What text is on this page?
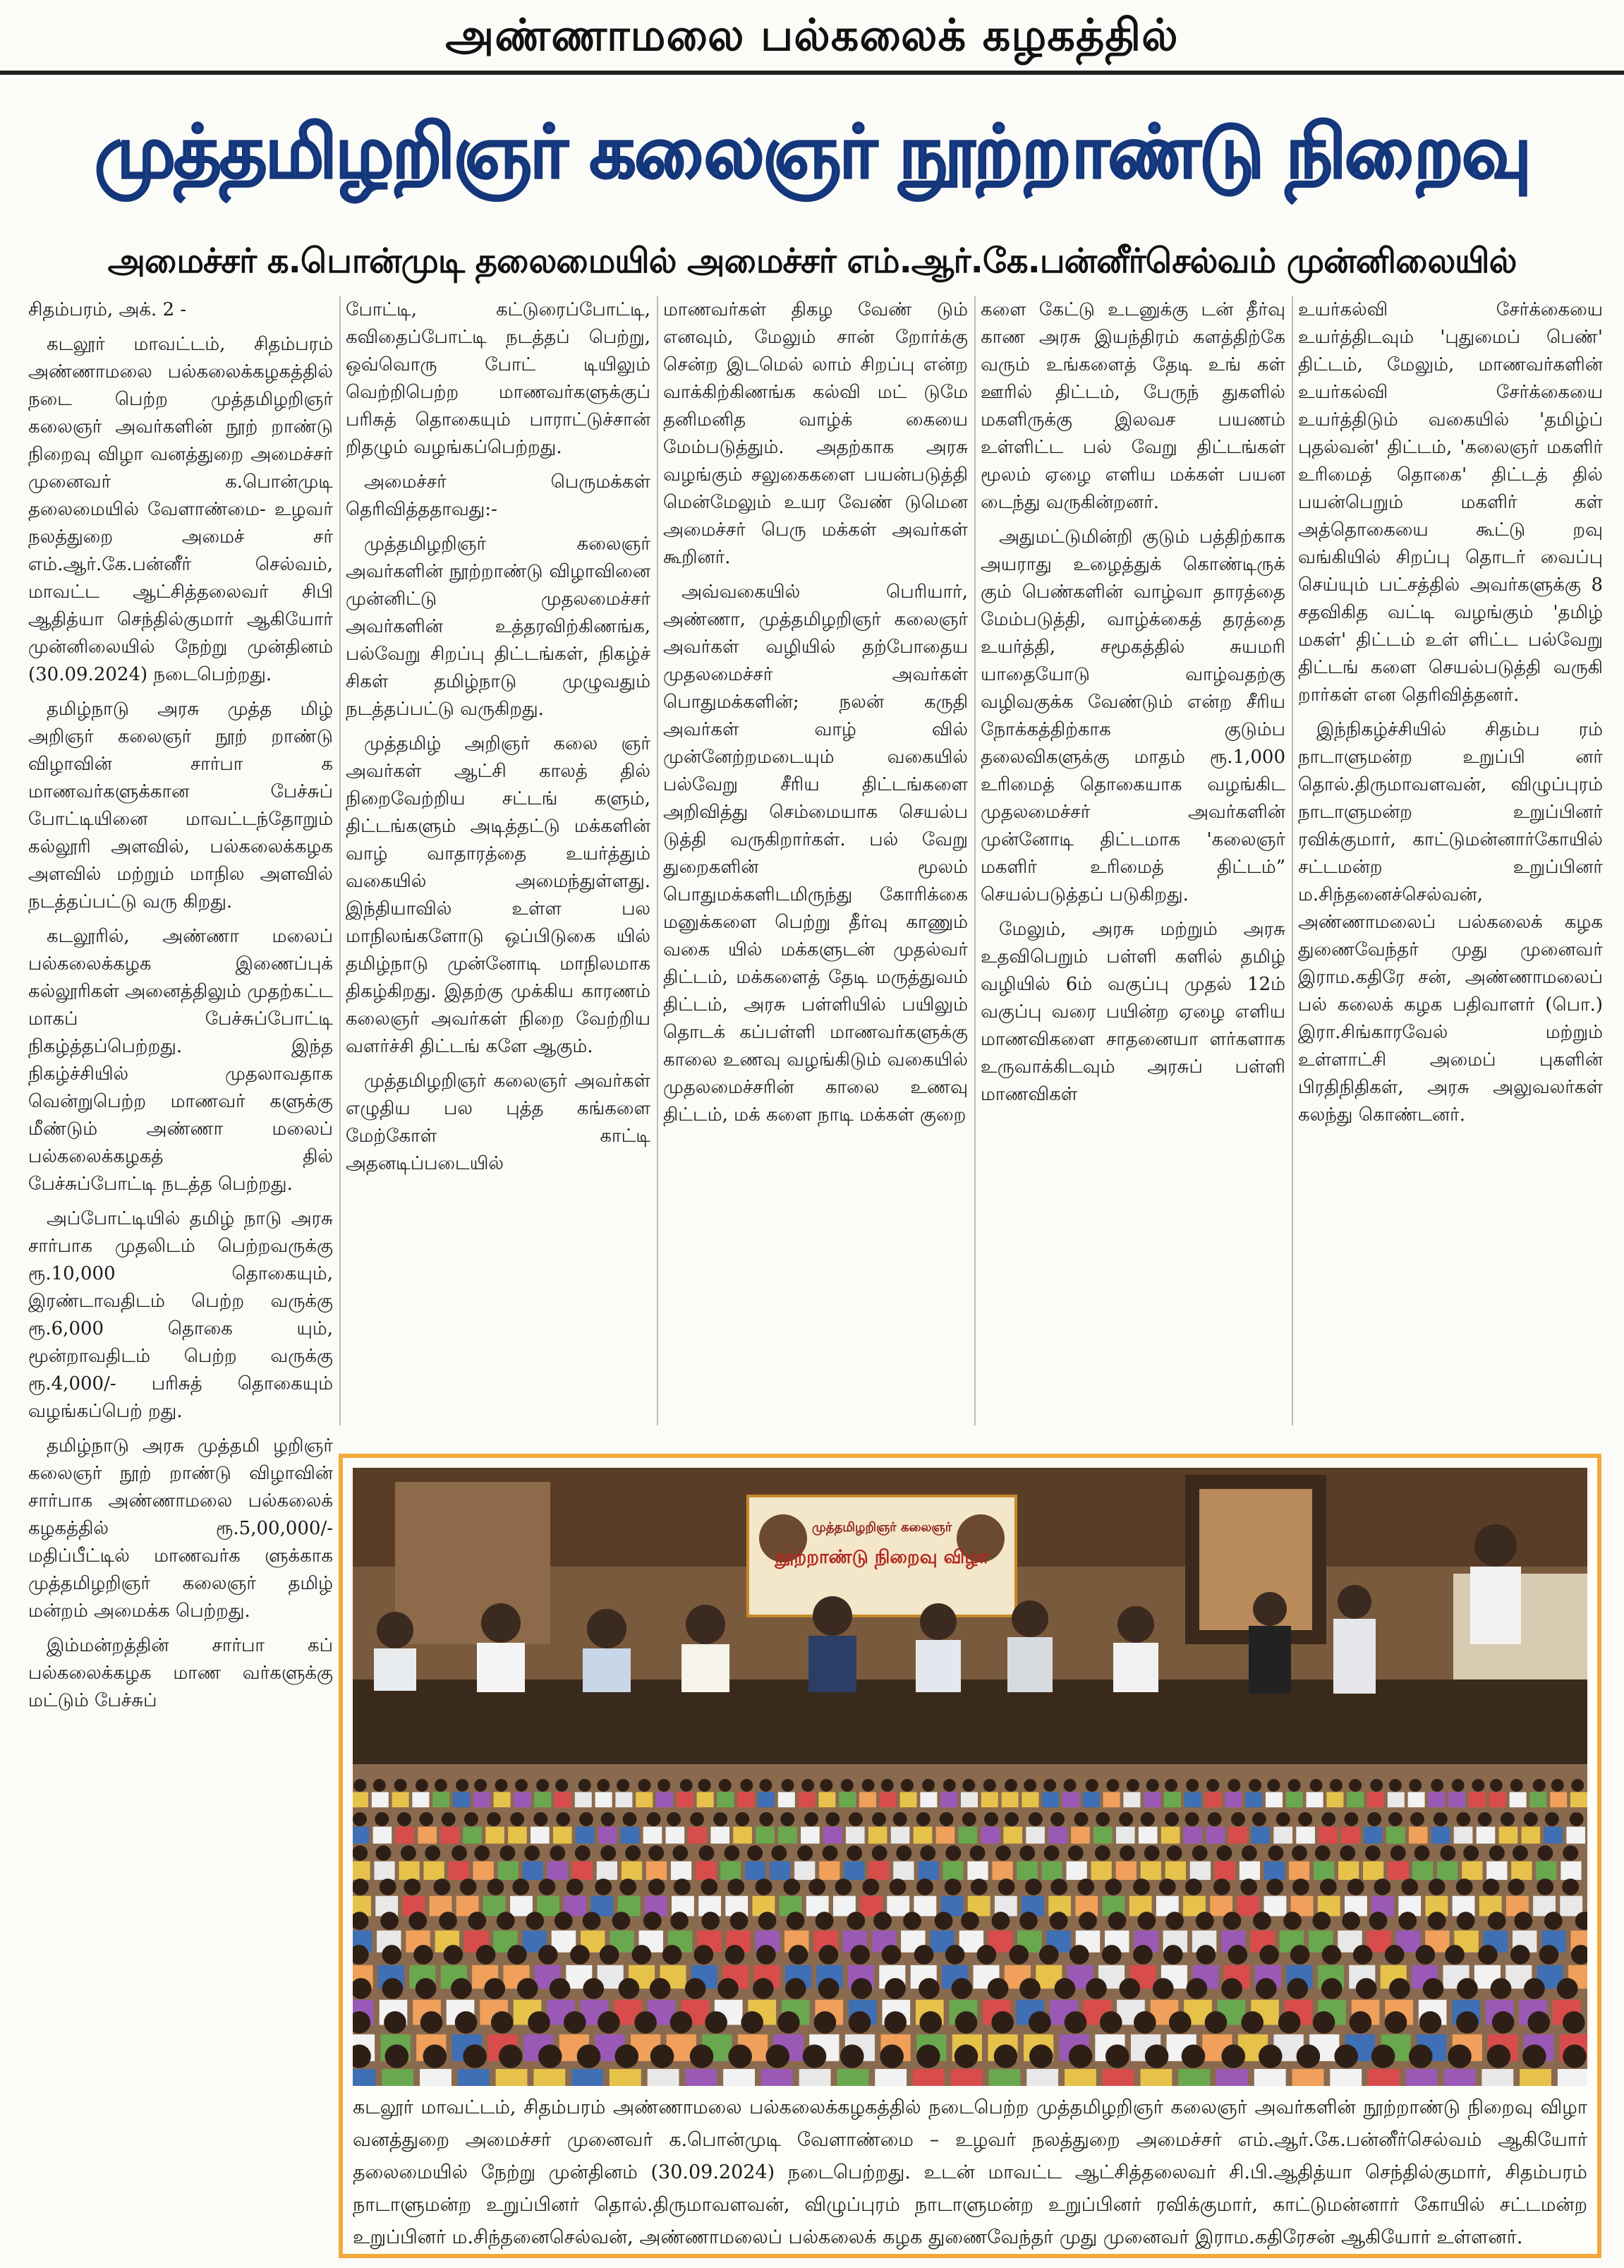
அண்ணாமலை பல்கலைக் கழகத்தில்
முத்தமிழறிஞர் கலைஞர் நூற்றாண்டு நிறைவு
அமைச்சர் க.பொன்முடி தலைமையில் அமைச்சர் எம்.ஆர்.கே.பன்னீர்செல்வம் முன்னிலையில்

சிதம்பரம், அக். 2 -

கடலூர் மாவட்டம், சிதம்பரம் அண்ணாமலை பல்கலைக்கழகத்தில் நடை பெற்ற முத்தமிழறிஞர் கலைஞர் அவர்களின் நூற் றாண்டு நிறைவு விழா வனத்துறை அமைச்சர் முனைவர் க.பொன்முடி தலைமையில் வேளாண்மை- உழவர் நலத்துறை அமைச் சர் எம்.ஆர்.கே.பன்னீர் செல்வம், மாவட்ட ஆட்சித்தலைவர் சிபி ஆதித்யா செந்தில்குமார் ஆகியோர் முன்னிலையில் நேற்று முன்தினம் (30.09.2024) நடைபெற்றது.

தமிழ்நாடு அரசு முத்த மிழ் அறிஞர் கலைஞர் நூற் றாண்டு விழாவின் சார்பா க மாணவர்களுக்கான பேச்சுப் போட்டியினை மாவட்டந்தோறும் கல்லூரி அளவில், பல்கலைக்கழக அளவில் மற்றும் மாநில அளவில் நடத்தப்பட்டு வரு கிறது.

கடலூரில், அண்ணா மலைப் பல்கலைக்கழக இணைப்புக் கல்லூரிகள் அனைத்திலும் முதற்கட்ட மாகப் பேச்சுப்போட்டி நிகழ்த்தப்பெற்றது. இந்த நிகழ்ச்சியில் முதலாவதாக வென்றுபெற்ற மாணவர் களுக்கு மீண்டும் அண்ணா மலைப் பல்கலைக்கழகத் தில் பேச்சுப்போட்டி நடத்த பெற்றது.

அப்போட்டியில் தமிழ் நாடு அரசு சார்பாக முதலிடம் பெற்றவருக்கு ரூ.10,000 தொகையும், இரண்டாவதிடம் பெற்ற வருக்கு ரூ.6,000 தொகை யும், மூன்றாவதிடம் பெற்ற வருக்கு ரூ.4,000/- பரிசுத் தொகையும் வழங்கப்பெற் றது.

தமிழ்நாடு அரசு முத்தமி ழறிஞர் கலைஞர் நூற் றாண்டு விழாவின் சார்பாக அண்ணாமலை பல்கலைக் கழகத்தில் ரூ.5,00,000/- மதிப்பீட்டில் மாணவர்க ளுக்காக முத்தமிழறிஞர் கலைஞர் தமிழ் மன்றம் அமைக்க பெற்றது.

இம்மன்றத்தின் சார்பா கப் பல்கலைக்கழக மாண வர்களுக்கு மட்டும் பேச்சுப்

போட்டி, கட்டுரைப்போட்டி, கவிதைப்போட்டி நடத்தப் பெற்று, ஒவ்வொரு போட் டியிலும் வெற்றிபெற்ற மாணவர்களுக்குப் பரிசுத் தொகையும் பாராட்டுச்சான் றிதழும் வழங்கப்பெற்றது.

அமைச்சர் பெருமக்கள் தெரிவித்ததாவது:-

முத்தமிழறிஞர் கலைஞர் அவர்களின் நூற்றாண்டு விழாவினை முன்னிட்டு முதலமைச்சர் அவர்களின் உத்தரவிற்கிணங்க, பல்வேறு சிறப்பு திட்டங்கள், நிகழ்ச் சிகள் தமிழ்நாடு முழுவதும் நடத்தப்பட்டு வருகிறது.

முத்தமிழ் அறிஞர் கலை ஞர் அவர்கள் ஆட்சி காலத் தில் நிறைவேற்றிய சட்டங் களும், திட்டங்களும் அடித்தட்டு மக்களின் வாழ் வாதாரத்தை உயர்த்தும் வகையில் அமைந்துள்ளது. இந்தியாவில் உள்ள பல மாநிலங்களோடு ஒப்பிடுகை யில் தமிழ்நாடு முன்னோடி மாநிலமாக திகழ்கிறது. இதற்கு முக்கிய காரணம் கலைஞர் அவர்கள் நிறை வேற்றிய வளர்ச்சி திட்டங் களே ஆகும்.

முத்தமிழறிஞர் கலைஞர் அவர்கள் எழுதிய பல புத்த கங்களை மேற்கோள் காட்டி அதனடிப்படையில்

மாணவர்கள் திகழ வேண் டும் எனவும், மேலும் சான் றோர்க்கு சென்ற இடமெல் லாம் சிறப்பு என்ற வாக்கிற்கிணங்க கல்வி மட் டுமே தனிமனித வாழ்க் கையை மேம்படுத்தும். அதற்காக அரசு வழங்கும் சலுகைகளை பயன்படுத்தி மென்மேலும் உயர வேண் டுமென அமைச்சர் பெரு மக்கள் அவர்கள் கூறினர்.

அவ்வகையில் பெரியார், அண்ணா, முத்தமிழறிஞர் கலைஞர் அவர்கள் வழியில் தற்போதைய முதலமைச்சர் அவர்கள் பொதுமக்களின்; நலன் கருதி அவர்கள் வாழ் வில் முன்னேற்றமடையும் வகையில் பல்வேறு சீரிய திட்டங்களை அறிவித்து செம்மையாக செயல்ப டுத்தி வருகிறார்கள். பல் வேறு துறைகளின் மூலம் பொதுமக்களிடமிருந்து கோரிக்கை மனுக்களை பெற்று தீர்வு காணும் வகை யில் மக்களுடன் முதல்வர் திட்டம், மக்களைத் தேடி மருத்துவம் திட்டம், அரசு பள்ளியில் பயிலும் தொடக் கப்பள்ளி மாணவர்களுக்கு காலை உணவு வழங்கிடும் வகையில் முதலமைச்சரின் காலை உணவு திட்டம், மக் களை நாடி மக்கள் குறை

களை கேட்டு உடனுக்கு டன் தீர்வு காண அரசு இயந்திரம் களத்திற்கே வரும் உங்களைத் தேடி உங் கள் ஊரில் திட்டம், பேருந் துகளில் மகளிருக்கு இலவச பயணம் உள்ளிட்ட பல் வேறு திட்டங்கள் மூலம் ஏழை எளிய மக்கள் பயன டைந்து வருகின்றனர்.

அதுமட்டுமின்றி குடும் பத்திற்காக அயராது உழைத்துக் கொண்டிருக் கும் பெண்களின் வாழ்வா தாரத்தை மேம்படுத்தி, வாழ்க்கைத் தரத்தை உயர்த்தி, சமூகத்தில் சுயமரி யாதையோடு வாழ்வதற்கு வழிவகுக்க வேண்டும் என்ற சீரிய நோக்கத்திற்காக குடும்ப தலைவிகளுக்கு மாதம் ரூ.1,000 உரிமைத் தொகையாக வழங்கிட முதலமைச்சர் அவர்களின் முன்னோடி திட்டமாக 'கலைஞர் மகளிர் உரிமைத் திட்டம்” செயல்படுத்தப் படுகிறது.

மேலும், அரசு மற்றும் அரசு உதவிபெறும் பள்ளி களில் தமிழ் வழியில் 6ம் வகுப்பு முதல் 12ம் வகுப்பு வரை பயின்ற ஏழை எளிய மாணவிகளை சாதனையா ளர்களாக உருவாக்கிடவும் அரசுப் பள்ளி மாணவிகள்

உயர்கல்வி சேர்க்கையை உயர்த்திடவும் 'புதுமைப் பெண்' திட்டம், மேலும், மாணவர்களின் உயர்கல்வி சேர்க்கையை உயர்த்திடும் வகையில் 'தமிழ்ப் புதல்வன்' திட்டம், 'கலைஞர் மகளிர் உரிமைத் தொகை' திட்டத் தில் பயன்பெறும் மகளிர் கள் அத்தொகையை கூட்டு றவு வங்கியில் சிறப்பு தொடர் வைப்பு செய்யும் பட்சத்தில் அவர்களுக்கு 8 சதவிகித வட்டி வழங்கும் 'தமிழ் மகள்' திட்டம் உள் ளிட்ட பல்வேறு திட்டங் களை செயல்படுத்தி வருகி றார்கள் என தெரிவித்தனர்.

இந்நிகழ்ச்சியில் சிதம்ப ரம் நாடாளுமன்ற உறுப்பி னர் தொல்.திருமாவளவன், விழுப்புரம் நாடாளுமன்ற உறுப்பினர் ரவிக்குமார், காட்டுமன்னார்கோயில் சட்டமன்ற உறுப்பினர் ம.சிந்தனைச்செல்வன், அண்ணாமலைப் பல்கலைக் கழக துணைவேந்தர் முது முனைவர் இராம.கதிரே சன், அண்ணாமலைப் பல் கலைக் கழக பதிவாளர் (பொ.) இரா.சிங்காரவேல் மற்றும் உள்ளாட்சி அமைப் புகளின் பிரதிநிதிகள், அரசு அலுவலர்கள் கலந்து கொண்டனர்.

முத்தமிழறிஞர் கலைஞர்
நூற்றாண்டு நிறைவு விழா
கடலூர் மாவட்டம், சிதம்பரம் அண்ணாமலை பல்கலைக்கழகத்தில் நடைபெற்ற முத்தமிழறிஞர் கலைஞர் அவர்களின் நூற்றாண்டு நிறைவு விழா வனத்துறை அமைச்சர் முனைவர் க.பொன்முடி வேளாண்மை – உழவர் நலத்துறை அமைச்சர் எம்.ஆர்.கே.பன்னீர்செல்வம் ஆகியோர் தலைமையில் நேற்று முன்தினம் (30.09.2024) நடைபெற்றது. உடன் மாவட்ட ஆட்சித்தலைவர் சி.பி.ஆதித்யா செந்தில்குமார், சிதம்பரம் நாடாளுமன்ற உறுப்பினர் தொல்.திருமாவளவன், விழுப்புரம் நாடாளுமன்ற உறுப்பினர் ரவிக்குமார், காட்டுமன்னார் கோயில் சட்டமன்ற உறுப்பினர் ம.சிந்தனைசெல்வன், அண்ணாமலைப் பல்கலைக் கழக துணைவேந்தர் முது முனைவர் இராம.கதிரேசன் ஆகியோர் உள்ளனர்.
